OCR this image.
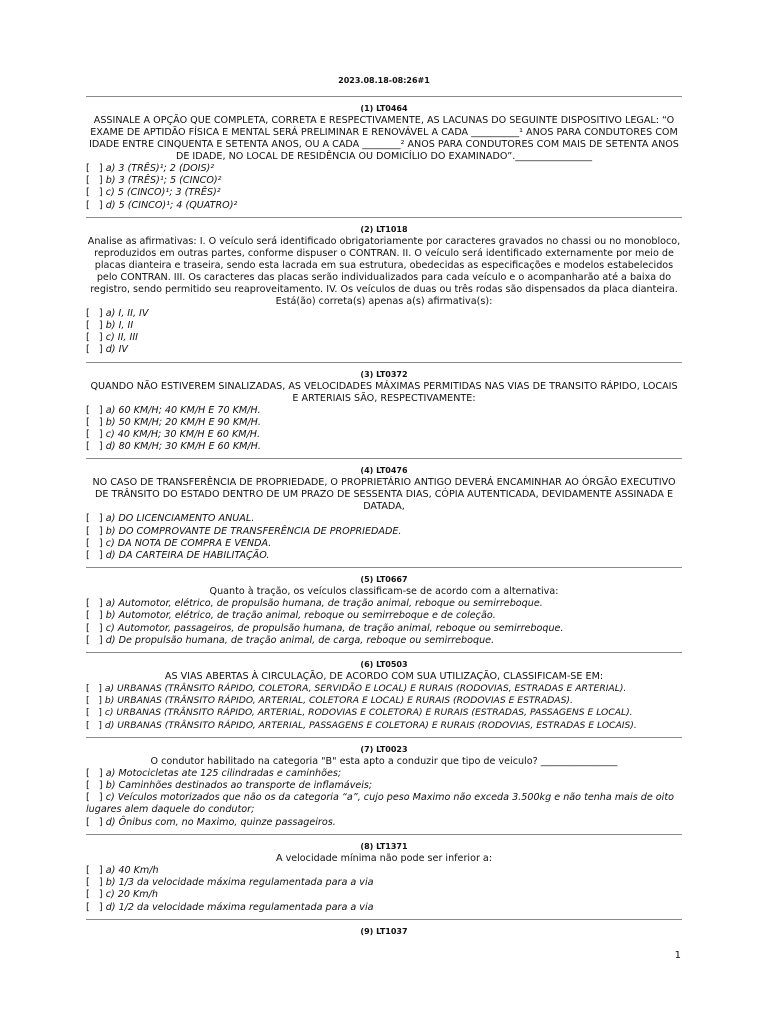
2023.08.18-08:26#1
(1) LT0464

ASSINALE A OPÇÃO QUE COMPLETA, CORRETA E RESPECTIVAMENTE, AS LACUNAS DO SEGUINTE DISPOSITIVO LEGAL: “O EXAME DE APTIDÃO FÍSICA E MENTAL SERÁ PRELIMINAR E RENOVÁVEL A CADA __________¹ ANOS PARA CONDUTORES COM IDADE ENTRE CINQUENTA E SETENTA ANOS, OU A CADA ________² ANOS PARA CONDUTORES COM MAIS DE SETENTA ANOS DE IDADE, NO LOCAL DE RESIDÊNCIA OU DOMICÍLIO DO EXAMINADO”.________________

[   ] a) 3 (TRÊS)¹; 2 (DOIS)²
[   ] b) 3 (TRÊS)¹; 5 (CINCO)²
[   ] c) 5 (CINCO)¹; 3 (TRÊS)²
[   ] d) 5 (CINCO)¹; 4 (QUATRO)²
(2) LT1018

Analise as afirmativas: I. O veículo será identificado obrigatoriamente por caracteres gravados no chassi ou no monobloco, reproduzidos em outras partes, conforme dispuser o CONTRAN. II. O veículo será identificado externamente por meio de placas dianteira e traseira, sendo esta lacrada em sua estrutura, obedecidas as especificações e modelos estabelecidos pelo CONTRAN. III. Os caracteres das placas serão individualizados para cada veículo e o acompanharão até a baixa do registro, sendo permitido seu reaproveitamento. IV. Os veículos de duas ou três rodas são dispensados da placa dianteira. Está(ão) correta(s) apenas a(s) afirmativa(s):

[   ] a) I, II, IV
[   ] b) I, II
[   ] c) II, III
[   ] d) IV
(3) LT0372

QUANDO NÃO ESTIVEREM SINALIZADAS, AS VELOCIDADES MÁXIMAS PERMITIDAS NAS VIAS DE TRANSITO RÁPIDO, LOCAIS E ARTERIAIS SÃO, RESPECTIVAMENTE:

[   ] a) 60 KM/H; 40 KM/H E 70 KM/H.
[   ] b) 50 KM/H; 20 KM/H E 90 KM/H.
[   ] c) 40 KM/H; 30 KM/H E 60 KM/H.
[   ] d) 80 KM/H; 30 KM/H E 60 KM/H.
(4) LT0476

NO CASO DE TRANSFERÊNCIA DE PROPRIEDADE, O PROPRIETÁRIO ANTIGO DEVERÁ ENCAMINHAR AO ÓRGÃO EXECUTIVO DE TRÂNSITO DO ESTADO DENTRO DE UM PRAZO DE SESSENTA DIAS, CÓPIA AUTENTICADA, DEVIDAMENTE ASSINADA E DATADA,

[   ] a) DO LICENCIAMENTO ANUAL.
[   ] b) DO COMPROVANTE DE TRANSFERÊNCIA DE PROPRIEDADE.
[   ] c) DA NOTA DE COMPRA E VENDA.
[   ] d) DA CARTEIRA DE HABILITAÇÃO.
(5) LT0667

Quanto à tração, os veículos classificam-se de acordo com a alternativa:

[   ] a) Automotor, elétrico, de propulsão humana, de tração animal, reboque ou semirreboque.
[   ] b) Automotor, elétrico, de tração animal, reboque ou semirreboque e de coleção.
[   ] c) Automotor, passageiros, de propulsão humana, de tração animal, reboque ou semirreboque.
[   ] d) De propulsão humana, de tração animal, de carga, reboque ou semirreboque.
(6) LT0503

AS VIAS ABERTAS À CIRCULAÇÃO, DE ACORDO COM SUA UTILIZAÇÃO, CLASSIFICAM-SE EM:

[   ] a) URBANAS (TRÂNSITO RÁPIDO, COLETORA, SERVIDÃO E LOCAL) E RURAIS (RODOVIAS, ESTRADAS E ARTERIAL).
[   ] b) URBANAS (TRÂNSITO RÁPIDO, ARTERIAL, COLETORA E LOCAL) E RURAIS (RODOVIAS E ESTRADAS).
[   ] c) URBANAS (TRÂNSITO RÁPIDO, ARTERIAL, RODOVIAS E COLETORA) E RURAIS (ESTRADAS, PASSAGENS E LOCAL).
[   ] d) URBANAS (TRÂNSITO RÁPIDO, ARTERIAL, PASSAGENS E COLETORA) E RURAIS (RODOVIAS, ESTRADAS E LOCAIS).
(7) LT0023

O condutor habilitado na categoria "B" esta apto a conduzir que tipo de veiculo? ________________

[   ] a) Motocicletas ate 125 cilindradas e caminhões;
[   ] b) Caminhões destinados ao transporte de inflamáveis;
[   ] c) Veículos motorizados que não os da categoria “a”, cujo peso Maximo não exceda 3.500kg e não tenha mais de oito lugares alem daquele do condutor;
[   ] d) Ônibus com, no Maximo, quinze passageiros.
(8) LT1371

A velocidade mínima não pode ser inferior a:

[   ] a) 40 Km/h
[   ] b) 1/3 da velocidade máxima regulamentada para a via
[   ] c) 20 Km/h
[   ] d) 1/2 da velocidade máxima regulamentada para a via
(9) LT1037
1
